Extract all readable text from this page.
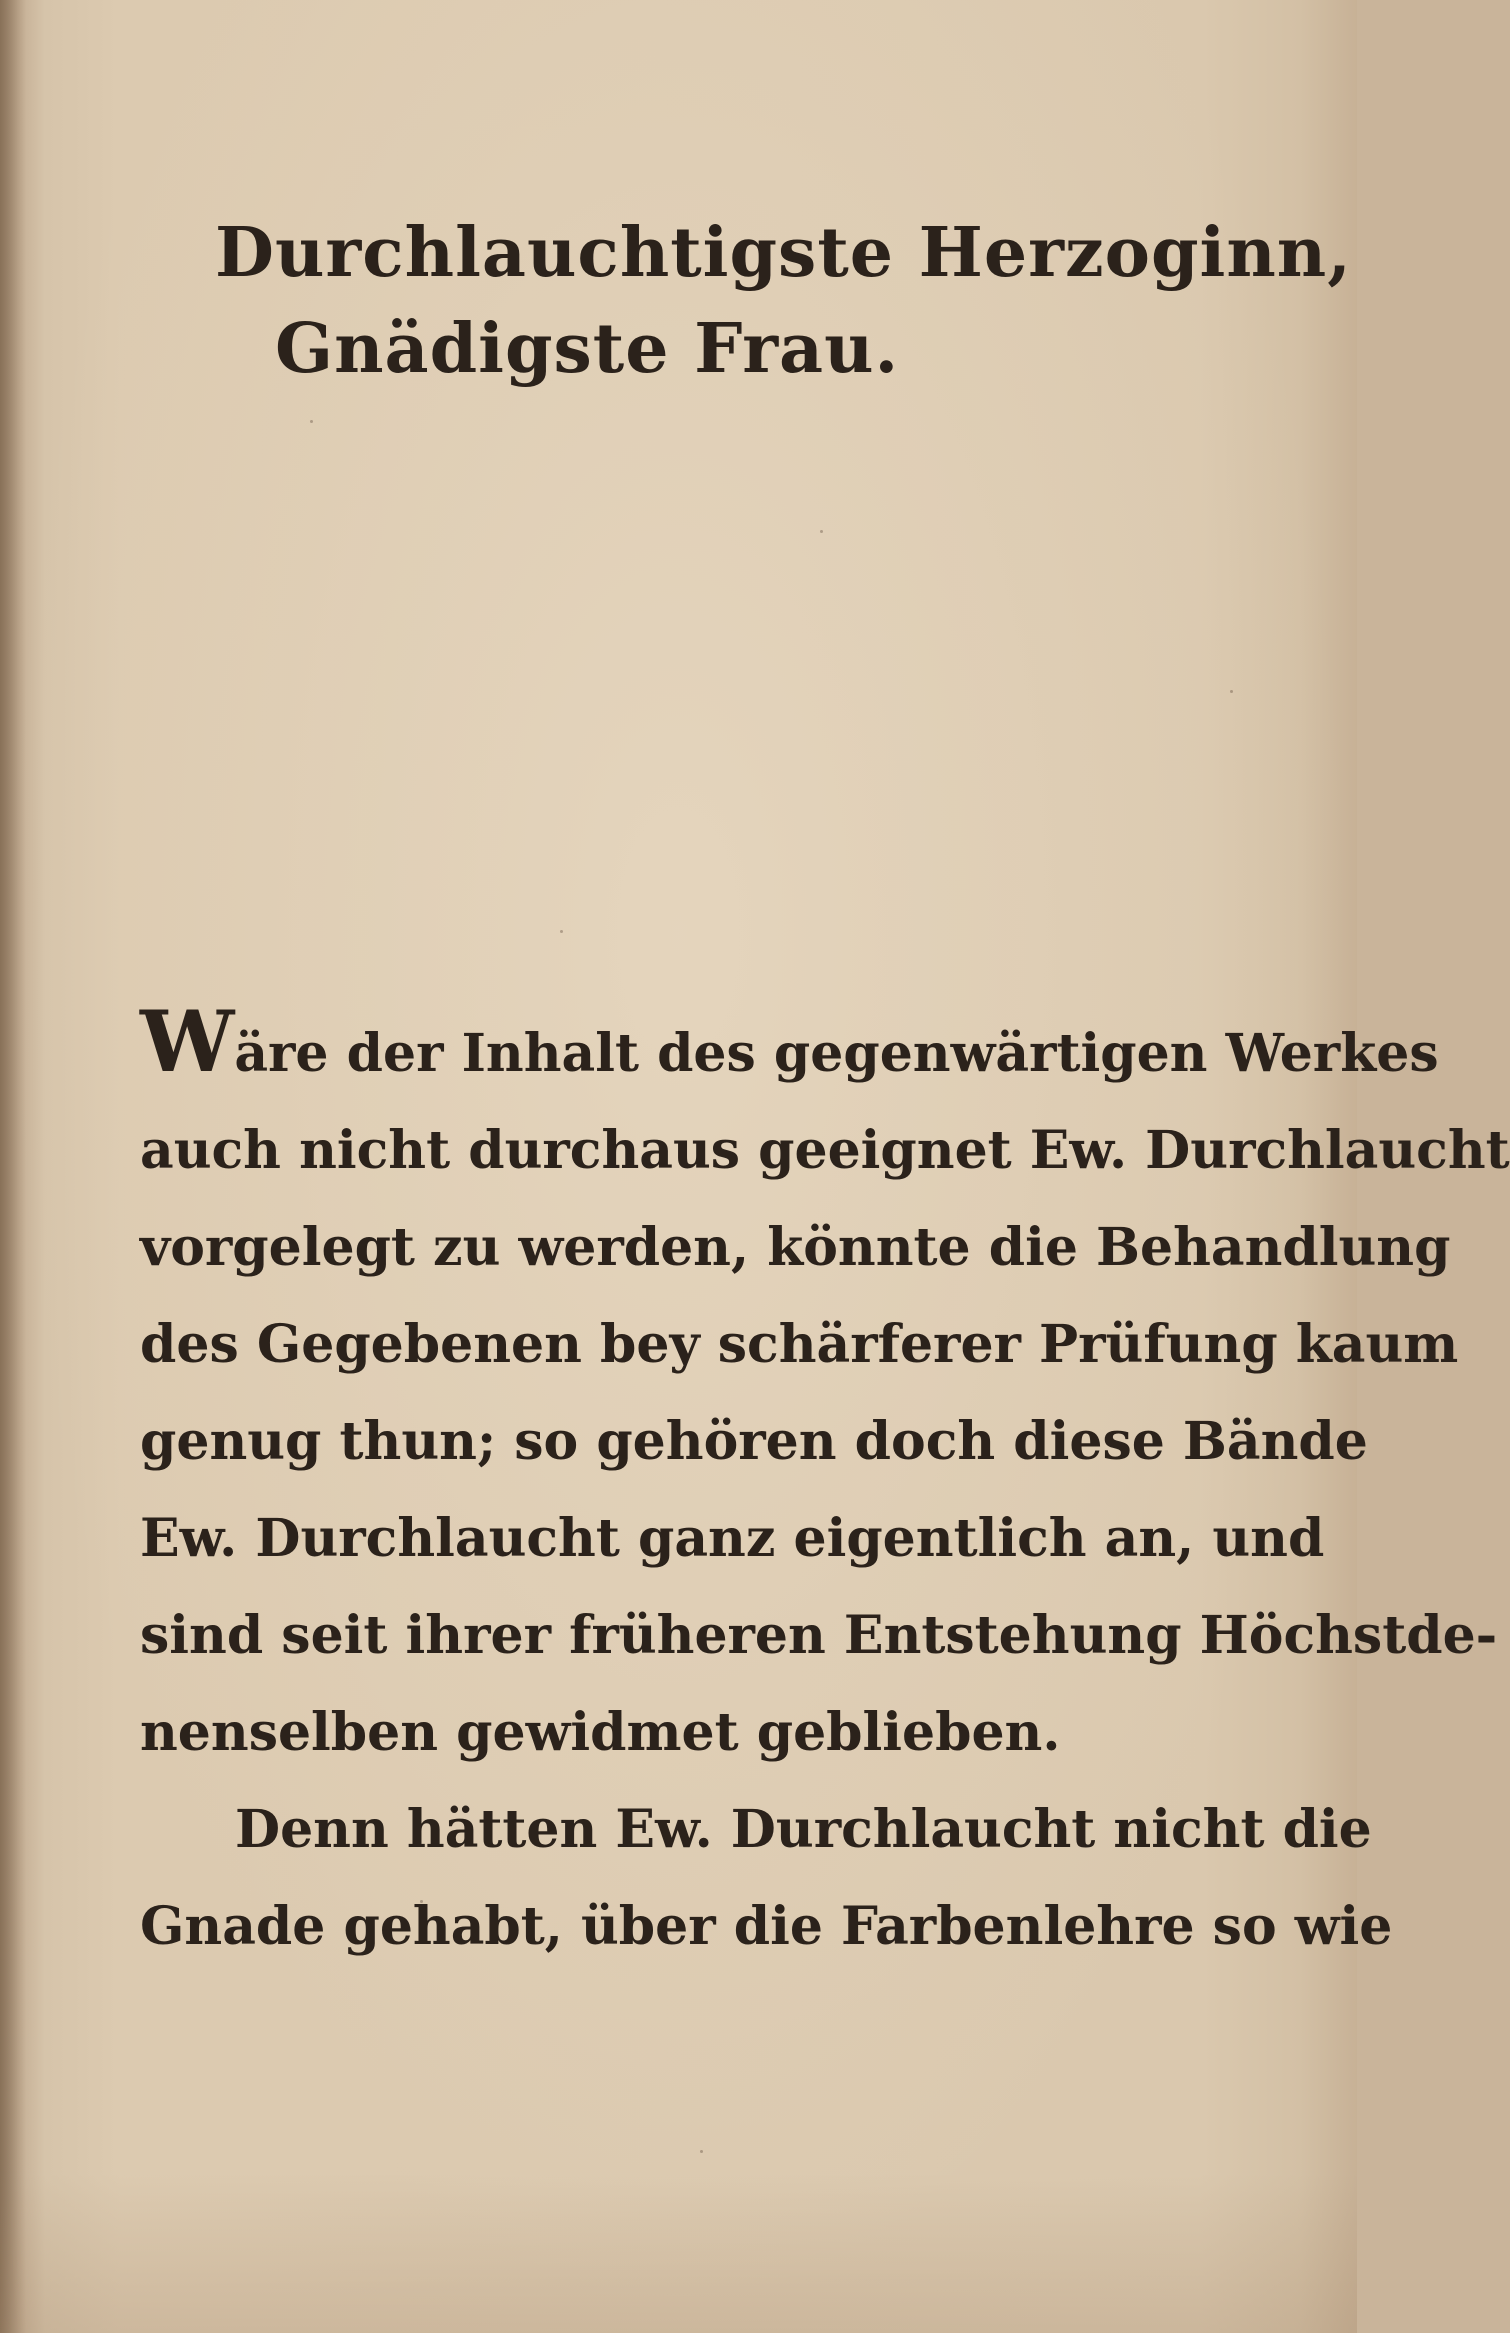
Durchlauchtigste Herzoginn,
Gnädigste Frau.
Wäre der Inhalt des gegenwärtigen Werkes
auch nicht durchaus geeignet Ew. Durchlaucht
vorgelegt zu werden, könnte die Behandlung
des Gegebenen bey schärferer Prüfung kaum
genug thun; so gehören doch diese Bände
Ew. Durchlaucht ganz eigentlich an, und
sind seit ihrer früheren Entstehung Höchstde-
nenselben gewidmet geblieben.
Denn hätten Ew. Durchlaucht nicht die
Gnade gehabt, über die Farbenlehre so wie
